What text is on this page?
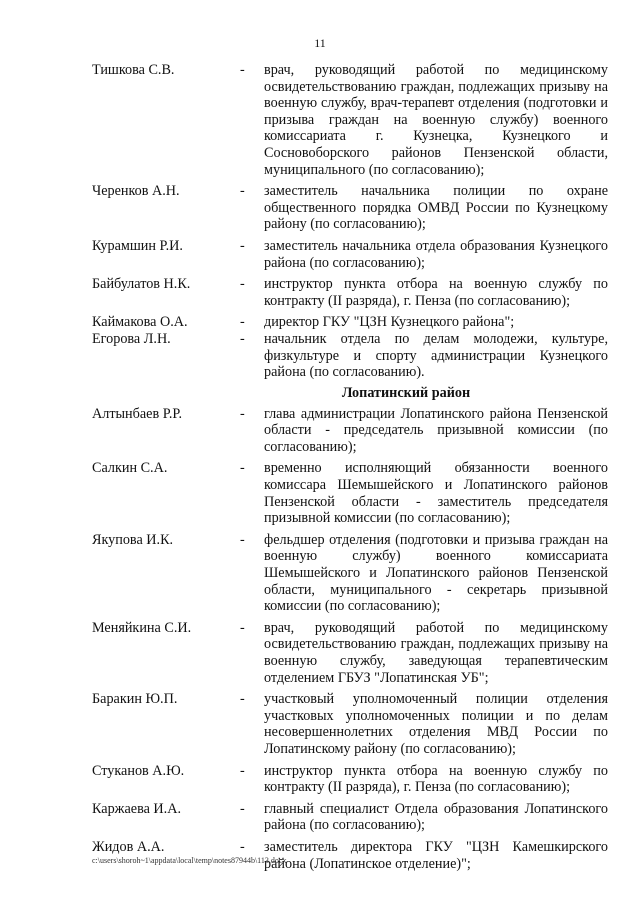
11
Тишкова С.В.	-	врач, руководящий работой по медицинскому освидетельствованию граждан, подлежащих призыву на военную службу, врач-терапевт отделения (подготовки и призыва граждан на военную службу) военного комиссариата г. Кузнецка, Кузнецкого и Сосновоборского районов Пензенской области, муниципального (по согласованию);
Черенков А.Н.	-	заместитель начальника полиции по охране общественного порядка ОМВД России по Кузнецкому району (по согласованию);
Курамшин Р.И.	-	заместитель начальника отдела образования Кузнецкого района (по согласованию);
Байбулатов Н.К.	-	инструктор пункта отбора на военную службу по контракту (II разряда), г. Пенза (по согласованию);
Каймакова О.А.	-	директор ГКУ "ЦЗН Кузнецкого района";
Егорова Л.Н.	-	начальник отдела по делам молодежи, культуре, физкультуре и спорту администрации Кузнецкого района (по согласованию).
Лопатинский район
Алтынбаев Р.Р.	-	глава администрации Лопатинского района Пензенской области - председатель призывной комиссии (по согласованию);
Салкин С.А.	-	временно исполняющий обязанности военного комиссара Шемышейского и Лопатинского районов Пензенской области - заместитель председателя призывной комиссии (по согласованию);
Якупова И.К.	-	фельдшер отделения (подготовки и призыва граждан на военную службу) военного комиссариата Шемышейского и Лопатинского районов Пензенской области, муниципального - секретарь призывной комиссии (по согласованию);
Меняйкина С.И.	-	врач, руководящий работой по медицинскому освидетельствованию граждан, подлежащих призыву на военную службу, заведующая терапевтическим отделением ГБУЗ "Лопатинская УБ";
Баракин Ю.П.	-	участковый уполномоченный полиции отделения участковых уполномоченных полиции и по делам несовершеннолетних отделения МВД России по Лопатинскому району (по согласованию);
Стуканов А.Ю.	-	инструктор пункта отбора на военную службу по контракту (II разряда), г. Пенза (по согласованию);
Каржаева И.А.	-	главный специалист Отдела образования Лопатинского района (по согласованию);
Жидов А.А.	-	заместитель директора ГКУ "ЦЗН Камешкирского района (Лопатинское отделение)";
c:\users\shoroh~1\appdata\local\temp\notes87944b\113.docx
